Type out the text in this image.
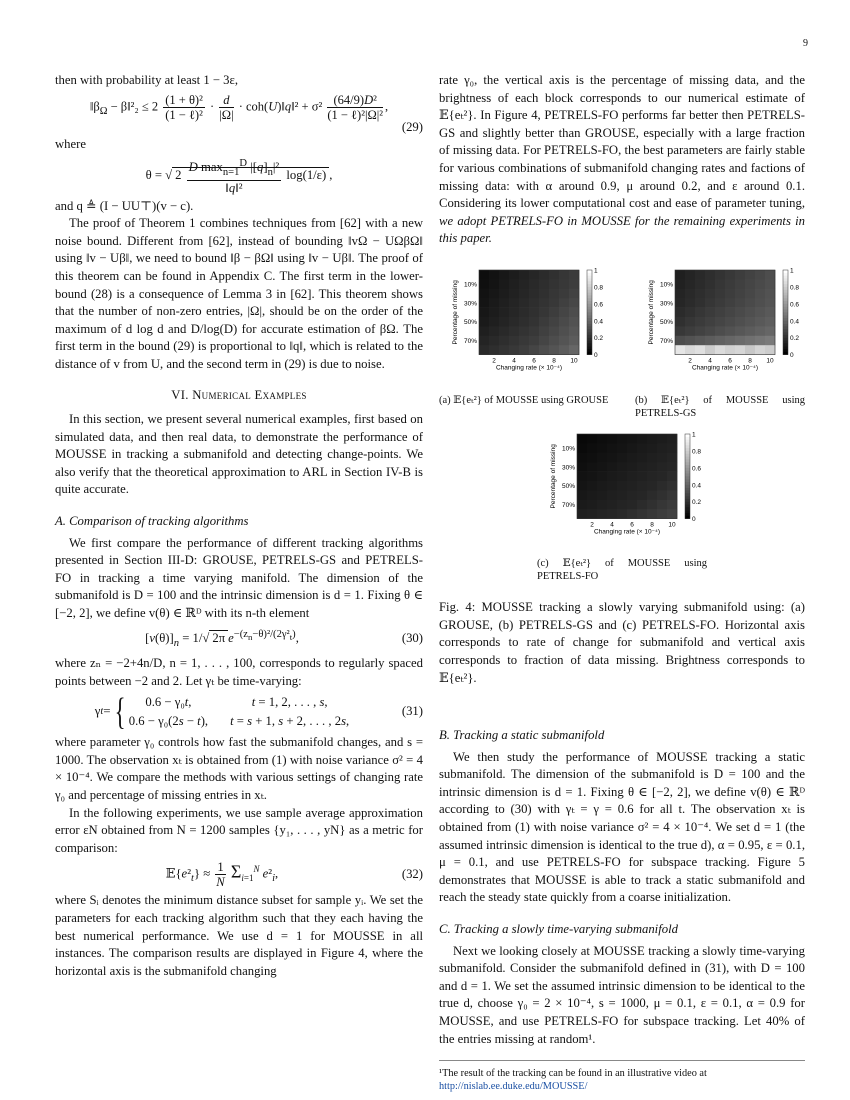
9

then with probability at least 1 − 3ε,

$‖\beta_\Omega$ − β‖²₂ ≤ $2 \frac{\text{(1 + θ)²}}{\text{(1 − ℓ)²}} \cdot \frac{d}{|\Omega|}$ · coh(U)‖q‖² + $\sigma^2 \frac{\text{(64/9)D²}}{\text{(1 − ℓ)²|Ω|²}}$ ,
(29)

where

θ = √ $2 \frac{D \max_{n=1}^D |[q]_n|^2}{\text{‖q‖²}} \log(1/\varepsilon)$ ,

and q ≜ (I − UU⊤)(v − c).

The proof of Theorem 1 combines techniques from [62] with a new noise bound. Different from [62], instead of bounding ‖vΩ − UΩβΩ‖ using ‖v − Uβ‖, we need to bound ‖β − βΩ‖ using ‖v − Uβ‖. The proof of this theorem can be found in Appendix C. The first term in the lower-bound (28) is a consequence of Lemma 3 in [62]. This theorem shows that the number of non-zero entries, |Ω|, should be on the order of the maximum of d log d and D/log(D) for accurate estimation of βΩ. The first term in the bound (29) is proportional to ‖q‖, which is related to the distance of v from U, and the second term in (29) is due to noise.

VI. Numerical Examples

In this section, we present several numerical examples, first based on simulated data, and then real data, to demonstrate the performance of MOUSSE in tracking a submanifold and detecting change-points. We also verify that the theoretical approximation to ARL in Section IV-B is quite accurate.

A. Comparison of tracking algorithms

We first compare the performance of different tracking algorithms presented in Section III-D: GROUSE, PETRELS-GS and PETRELS-FO in tracking a time varying manifold. The dimension of the submanifold is D = 100 and the intrinsic dimension is d = 1. Fixing θ ∈ [−2, 2], we define v(θ) ∈ ℝᴰ with its n-th element

$[v(\theta)]_n = 1/√$ 2π $e^{-(z_n-\theta)^2/(2\gamma^2_t)}$,	(30)

where zₙ = −2+4n/D, n = 1, . . . , 100, corresponds to regularly spaced points between −2 and 2. Let γₜ be time-varying:

γ t = {	0.6 − γ₀t,	t = 1, 2, . . . , s,
0.6 − γ₀(2s − t), t = s + 1, s + 2, . . . , 2s,
(31)

where parameter γ₀ controls how fast the submanifold changes, and s = 1000. The observation xₜ is obtained from (1) with noise variance σ² = 4 × 10⁻⁴. We compare the methods with various settings of changing rate γ₀ and percentage of missing entries in xₜ.

In the following experiments, we use sample average approximation error εN obtained from N = 1200 samples {y₁, . . . , yN} as a metric for comparison:

$𝔼\{e^2_t\} \approx \frac{1}{N} \Sigma_{i=1}^N$ $e^2_i$,	(32)

where Sᵢ denotes the minimum distance subset for sample yᵢ. We set the parameters for each tracking algorithm such that they each having the best numerical performance. We use d = 1 for MOUSSE in all instances. The comparison results are displayed in Figure 4, where the horizontal axis is the submanifold changing

rate γ₀, the vertical axis is the percentage of missing data, and the brightness of each block corresponds to our numerical estimate of 𝔼{eₜ²}. In Figure 4, PETRELS-FO performs far better then PETRELS-GS and slightly better than GROUSE, especially with a large fraction of missing data. For PETRELS-FO, the best parameters are fairly stable for various combinations of submanifold changing rates and factions of missing data: with α around 0.9, μ around 0.2, and ε around 0.1. Considering its lower computational cost and ease of parameter tuning, we adopt PETRELS-FO in MOUSSE for the remaining experiments in this paper.

10%
30%
50%
70%
2	4	6	8 10
Changing rate (× 10⁻⁴)
Percentage of missing
1
0.8
0.6
0.4
0.2
0
(a) 𝔼{eₜ²} of MOUSSE using GROUSE
10%
30%
50%
70%
2	4	6	8 10
Changing rate (× 10⁻⁴)
Percentage of missing
1
0.8
0.6
0.4
0.2
0
(b) 𝔼{eₜ²} of MOUSSE using PETRELS-GS
10%
30%
50%
70%
2	4	6	8 10
Changing rate (× 10⁻⁴)
Percentage of missing
1
0.8
0.6
0.4
0.2
0
(c) 𝔼{eₜ²} of MOUSSE using PETRELS-FO

Fig. 4: MOUSSE tracking a slowly varying submanifold using: (a) GROUSE, (b) PETRELS-GS and (c) PETRELS-FO. Horizontal axis corresponds to rate of change for submanifold and vertical axis corresponds to fraction of data missing. Brightness corresponds to 𝔼{eₜ²}.

B. Tracking a static submanifold

We then study the performance of MOUSSE tracking a static submanifold. The dimension of the submanifold is D = 100 and the intrinsic dimension is d = 1. Fixing θ ∈ [−2, 2], we define v(θ) ∈ ℝᴰ according to (30) with γₜ = γ = 0.6 for all t. The observation xₜ is obtained from (1) with noise variance σ² = 4 × 10⁻⁴. We set d = 1 (the assumed intrinsic dimension is identical to the true d), α = 0.95, ε = 0.1, μ = 0.1, and use PETRELS-FO for subspace tracking. Figure 5 demonstrates that MOUSSE is able to track a static submanifold and reach the steady state quickly from a coarse initialization.

C. Tracking a slowly time-varying submanifold

Next we looking closely at MOUSSE tracking a slowly time-varying submanifold. Consider the submanifold defined in (31), with D = 100 and d = 1. We set the assumed intrinsic dimension to be identical to the true d, choose γ₀ = 2 × 10⁻⁴, s = 1000, μ = 0.1, ε = 0.1, α = 0.9 for MOUSSE, and use PETRELS-FO for subspace tracking. Let 40% of the entries missing at random¹.

¹The result of the tracking can be found in an illustrative video at
http://nislab.ee.duke.edu/MOUSSE/
